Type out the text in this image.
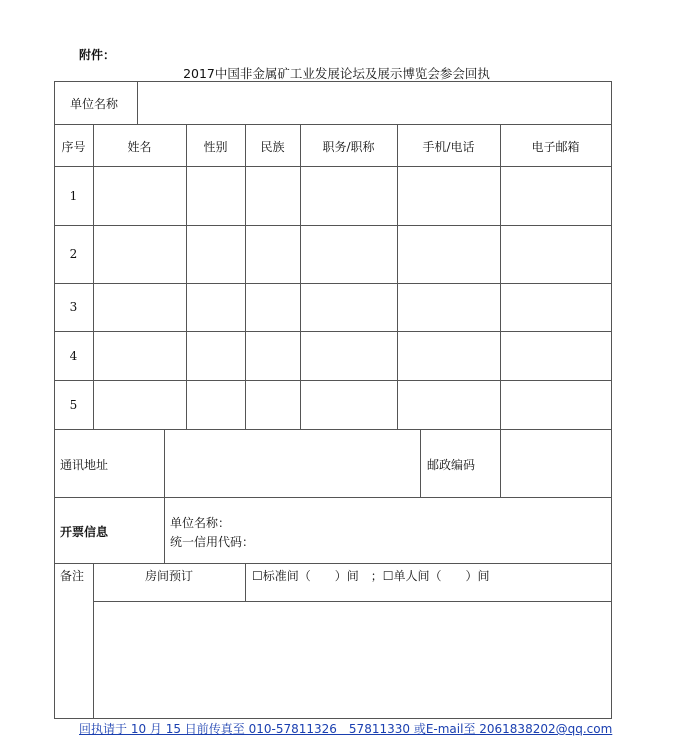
附件：
2017中国非金属矿工业发展论坛及展示博览会参会回执
单位名称
序号	姓名	性别	民族	职务/职称	手机/电话	电子邮箱
1
2
3
4
5
通讯地址	邮政编码
开票信息
单位名称：
统一信用代码：
备注	房间预订	☐标准间（　　）间　；☐单人间（　　）间
回执请于 10 月 15 日前传真至 010-57811326　57811330 或E-mail至 2061838202@qq.com
